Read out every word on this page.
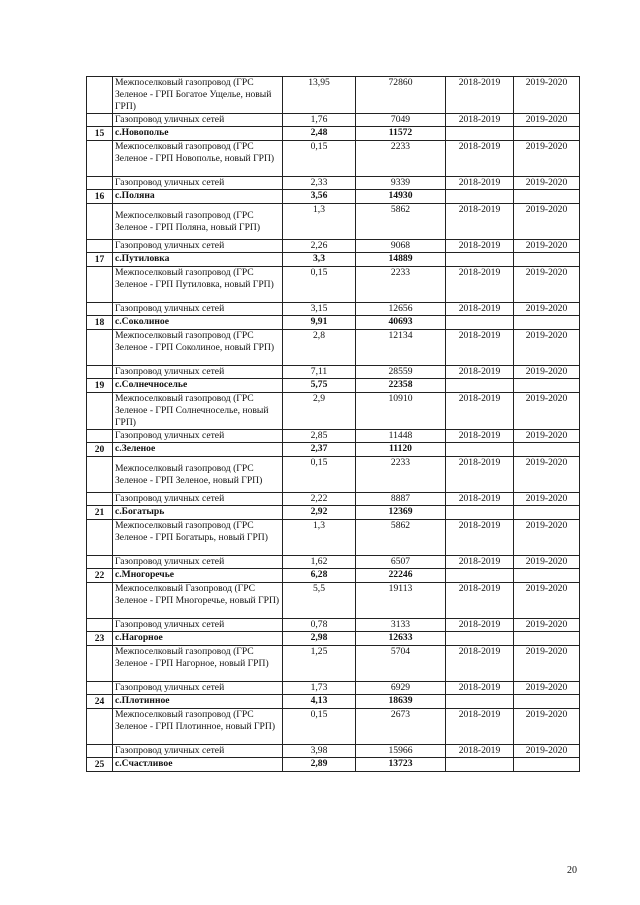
	Межпоселковый газопровод (ГРС Зеленое - ГРП Богатое Ущелье, новый ГРП)	13,95	72860	2018-2019	2019-2020
	Газопровод уличных сетей	1,76	7049	2018-2019	2019-2020
15	с.Новополье	2,48	11572		
	Межпоселковый газопровод (ГРС Зеленое - ГРП Новополье, новый ГРП)	0,15	2233	2018-2019	2019-2020
	Газопровод уличных сетей	2,33	9339	2018-2019	2019-2020
16	с.Поляна	3,56	14930		
	Межпоселковый газопровод (ГРС Зеленое - ГРП Поляна, новый ГРП)	1,3	5862	2018-2019	2019-2020
	Газопровод уличных сетей	2,26	9068	2018-2019	2019-2020
17	с.Путиловка	3,3	14889		
	Межпоселковый газопровод (ГРС Зеленое - ГРП Путиловка, новый ГРП)	0,15	2233	2018-2019	2019-2020
	Газопровод уличных сетей	3,15	12656	2018-2019	2019-2020
18	с.Соколиное	9,91	40693		
	Межпоселковый газопровод (ГРС Зеленое - ГРП Соколиное, новый ГРП)	2,8	12134	2018-2019	2019-2020
	Газопровод уличных сетей	7,11	28559	2018-2019	2019-2020
19	с.Солнечноселье	5,75	22358		
	Межпоселковый газопровод (ГРС Зеленое - ГРП Солнечноселье, новый ГРП)	2,9	10910	2018-2019	2019-2020
	Газопровод уличных сетей	2,85	11448	2018-2019	2019-2020
20	с.Зеленое	2,37	11120		
	Межпоселковый газопровод (ГРС Зеленое - ГРП Зеленое, новый ГРП)	0,15	2233	2018-2019	2019-2020
	Газопровод уличных сетей	2,22	8887	2018-2019	2019-2020
21	с.Богатырь	2,92	12369		
	Межпоселковый газопровод (ГРС Зеленое - ГРП Богатырь, новый ГРП)	1,3	5862	2018-2019	2019-2020
	Газопровод уличных сетей	1,62	6507	2018-2019	2019-2020
22	с.Многоречье	6,28	22246		
	Межпоселковый Газопровод (ГРС Зеленое - ГРП Многоречье, новый ГРП)	5,5	19113	2018-2019	2019-2020
	Газопровод уличных сетей	0,78	3133	2018-2019	2019-2020
23	с.Нагорное	2,98	12633		
	Межпоселковый газопровод (ГРС Зеленое - ГРП Нагорное, новый ГРП)	1,25	5704	2018-2019	2019-2020
	Газопровод уличных сетей	1,73	6929	2018-2019	2019-2020
24	с.Плотинное	4,13	18639		
	Межпоселковый газопровод (ГРС Зеленое - ГРП Плотинное, новый ГРП)	0,15	2673	2018-2019	2019-2020
	Газопровод уличных сетей	3,98	15966	2018-2019	2019-2020
25	с.Счастливое	2,89	13723		
20
